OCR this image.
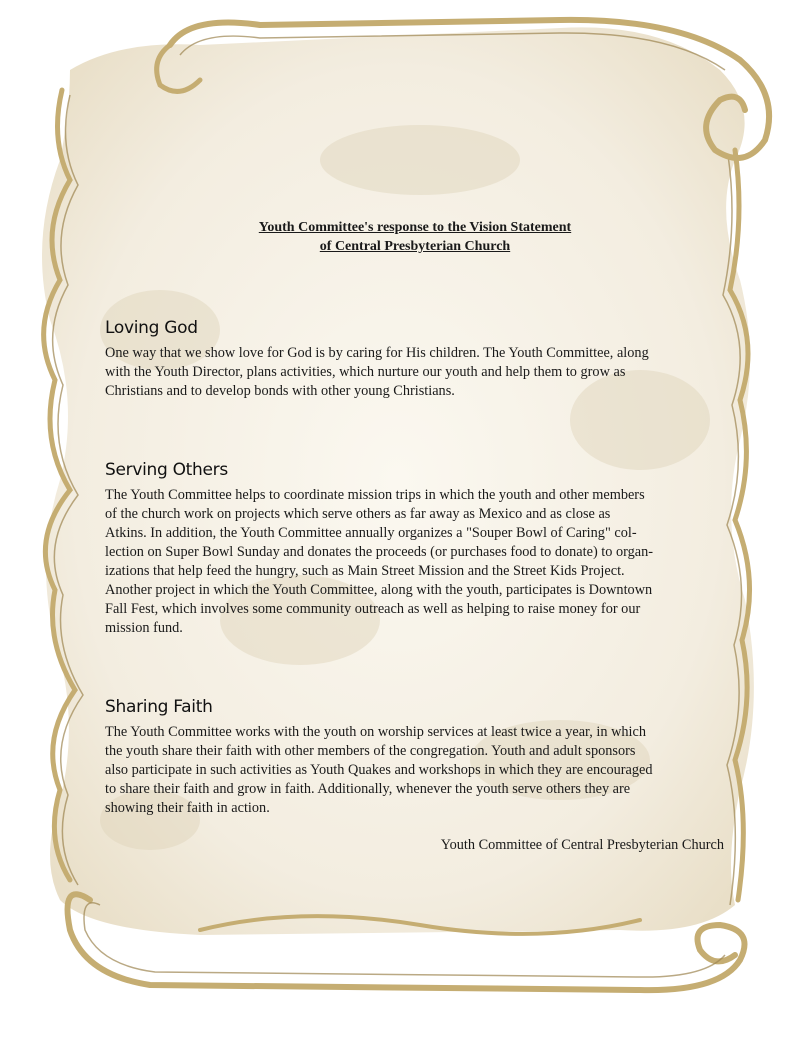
Youth Committee's response to the Vision Statement
of Central Presbyterian Church
Loving God
One way that we show love for God is by caring for His children. The Youth Committee, along
with the Youth Director, plans activities, which nurture our youth and help them to grow as
Christians and to develop bonds with other young Christians.
Serving Others
The Youth Committee helps to coordinate mission trips in which the youth and other members
of the church work on projects which serve others as far away as Mexico and as close as
Atkins. In addition, the Youth Committee annually organizes a "Souper Bowl of Caring" col-
lection on Super Bowl Sunday and donates the proceeds (or purchases food to donate) to organ-
izations that help feed the hungry, such as Main Street Mission and the Street Kids Project.
Another project in which the Youth Committee, along with the youth, participates is Downtown
Fall Fest, which involves some community outreach as well as helping to raise money for our
mission fund.
Sharing Faith
The Youth Committee works with the youth on worship services at least twice a year, in which
the youth share their faith with other members of the congregation. Youth and adult sponsors
also participate in such activities as Youth Quakes and workshops in which they are encouraged
to share their faith and grow in faith. Additionally, whenever the youth serve others they are
showing their faith in action.
Youth Committee of Central Presbyterian Church
